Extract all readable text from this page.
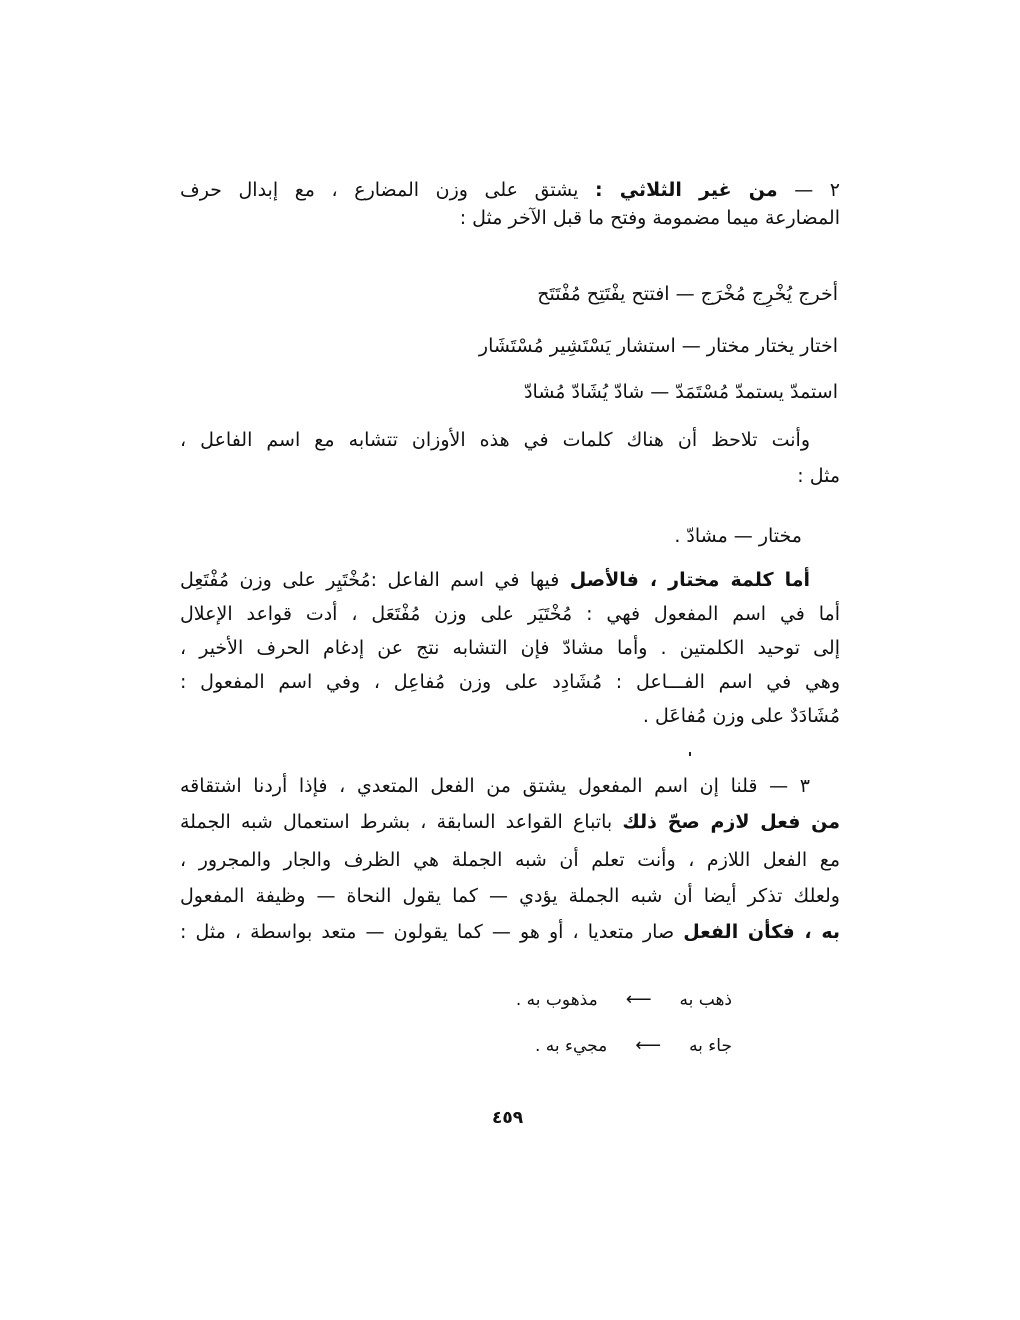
٢ — من غير الثلاثي : يشتق على وزن المضارع ، مع إبدال حرف
المضارعة ميما مضمومة وفتح ما قبل الآخر مثل :
أخرج يُخْرِج مُخْرَج — افتتح يفْتَتِح مُفْتَتَح
اختار يختار مختار — استشار يَسْتَشِير مُسْتَشَار
استمدّ يستمدّ مُسْتَمَدّ — شادّ يُشَادّ مُشادّ
وأنت تلاحظ أن هناك كلمات في هذه الأوزان تتشابه مع اسم الفاعل ،
مثل :
مختار — مشادّ .
أما كلمة مختار ، فالأصل فيها في اسم الفاعل :مُخْتَيِر على وزن مُفْتَعِل
أما في اسم المفعول فهي : مُخْتَيَر على وزن مُفْتَعَل ، أدت قواعد الإعلال
إلى توحيد الكلمتين . وأما مشادّ فإن التشابه نتج عن إدغام الحرف الأخير ،
وهي في اسم الفـــاعل : مُشَادِد على وزن مُفاعِل ، وفي اسم المفعول :
مُشَادَدٌ على وزن مُفاعَل .
٣ — قلنا إن اسم المفعول يشتق من الفعل المتعدي ، فإذا أردنا اشتقاقه
من فعل لازم صحّ ذلك باتباع القواعد السابقة ، بشرط استعمال شبه الجملة
مع الفعل اللازم ، وأنت تعلم أن شبه الجملة هي الظرف والجار والمجرور ،
ولعلك تذكر أيضا أن شبه الجملة يؤدي — كما يقول النحاة — وظيفة المفعول
به ، فكأن الفعل صار متعديا ، أو هو — كما يقولون — متعد بواسطة ، مثل :
ذهب به
⟵
مذهوب به .
جاء به
⟵
مجيء به .
٤٥٩
